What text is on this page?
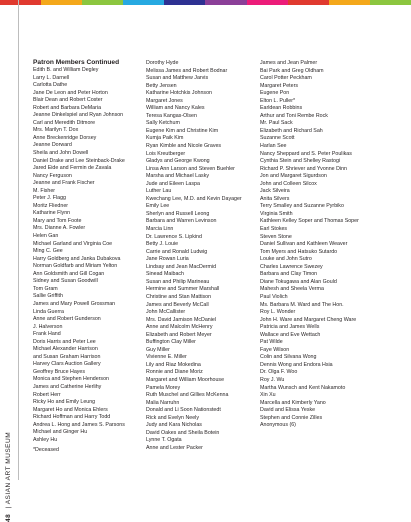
48 | ASIAN ART MUSEUM
Patron Members Continued
Edith B. and William Degley
Larry L. Darnell
Carlotta Dathe
Jane De Leon and Peter Horton
Blair Dean and Robert Coster
Robert and Barbara DeMaria
Jeanne Dinkelspiel and Ryan Johnson
Carl and Meredith Ditmore
Mrs. Marilyn T. Dox
Anne Breckenridge Dorsey
Jeanne Dorward
Sheila and John Dowell
Daniel Drake and Lee Steinback-Drake
Jared Eide and Fermin de Zavala
Nancy Ferguson
Jeanne and Frank Fischer
M. Fisher
Peter J. Flagg
Moritz Fliedner
Katharine Flynn
Mary and Tom Foote
Mrs. Dianne A. Fowler
Helen Gan
Michael Garland and Virginia Coe
Ming C. Gee
Harry Goldberg and Janka Dubakova
Norman Goldfarb and Miriam Yelton
Ann Goldsmith and Gill Cogan
Sidney and Susan Goodwill
Tom Gram
Sallie Griffith
James and Mary Powell Grossman
Linda Guerra
Anne and Robert Gunderson
J. Halverson
Frank Hand
Doris Harris and Peter Lee
Michael Alexander Harrison
and Susan Graham Harrison
Harvey Clars Auction Gallery
Geoffrey Bruce Hayes
Monica and Stephen Henderson
James and Catherine Herlihy
Robert Herr
Ricky Ho and Emily Leung
Margaret Ho and Monica Ehlers
Richard Hoffman and Harry Todd
Andrea L. Hong and James S. Parsons
Michael and Ginger Hu
Ashley Hu
Dorothy Hyde
Melissa James and Robert Bodnar
Susan and Matthew Jarvis
Betty Jensen
Katharine Hotchkis Johnson
Margaret Jones
William and Nancy Kales
Teresa Kangas-Olsen
Sally Ketchum
Eugene Kim and Christine Kim
Kumja Paik Kim
Ryan Kimble and Nicole Graves
Lois Kreutberger
Gladys and George Kwong
Linsa Ann Larson and Steven Buehler
Marsha and Michael Lasky
Jude and Eileen Laspa
Luther Lau
Kwechang Lee, M.D. and Kevin Dayager
Emily Lee
Sherlyn and Russell Leong
Barbara and Warren Levinson
Marcia Linn
Dr. Lawrence S. Lipkind
Betty J. Louie
Carrie and Ronald Ludwig
Jane Rowan Luria
Lindsay and Jean MacDermid
Sinead Maibach
Susan and Philip Marineau
Hermine and Summer Marshall
Christine and Stan Mattison
James and Beverly McCall
John McCallister
Mrs. David Jamison McDaniel
Anne and Malcolm McHenry
Elizabeth and Robert Meyer
Buffington Clay Miller
Guy Miller
Vivienne E. Miller
Lily and Riaz Mokedina
Ronnie and Diane Moriz
Margaret and William Moorhouse
Pamela Morey
Ruth Muschel and Gillies McKenna
Malia Narruhn
Donald and Li Soon Nationstedt
Rick and Evelyn Neely
Judy and Kara Nicholas
David Oakes and Sheila Botein
Lynne T. Ogata
Anne and Lester Packer
James and Jean Palmer
Bai Park and Greg Oldham
Carol Potter Peckham
Margaret Peters
Eugene Pon
Elton L. Puller*
Earldean Robbins
Arthur and Toni Rembe Rock
Mr. Paul Sack
Elizabeth and Richard Sah
Suzanne Scott
Harlan See
Nancy Sheppard and S. Peter Poulikas
Cynthia Stein and Shelley Rastogi
Richard P. Shriever and Yvonne Dinn
Jon and Margaret Sigurdson
John and Colleen Silcox
Jack Silveira
Anita Silvers
Terry Smalley and Suzanne Pyrbiko
Virginia Smith
Kathleen Kelley Soper and Thomas Soper
Earl Stokes
Steven Stone
Daniel Sullivan and Kathleen Weaver
Tom Myers and Hatsuko Sutardo
Louke and John Sutro
Charles Lawrence Swezey
Barbara and Clay Timon
Diane Tokugawa and Alan Gould
Mahesh and Sheela Verma
Paul Violich
Ms. Barbara M. Ward and The Hon.
Roy L. Wonder
John H. Ware and Margaret Cheng Ware
Patricia and James Wells
Wallace and Eve Wettach
Pat Wilde
Faye Wilson
Colin and Silvana Wong
Dennis Wong and Endora Hsia
Dr. Olga F. Woo
Roy J. Wu
Martha Wunsch and Kent Nakamoto
Xin Xu
Marcella and Kimberly Yano
David and Elissa Yeske
Stephen and Connie Zilles
Anonymous (6)
*Deceased
